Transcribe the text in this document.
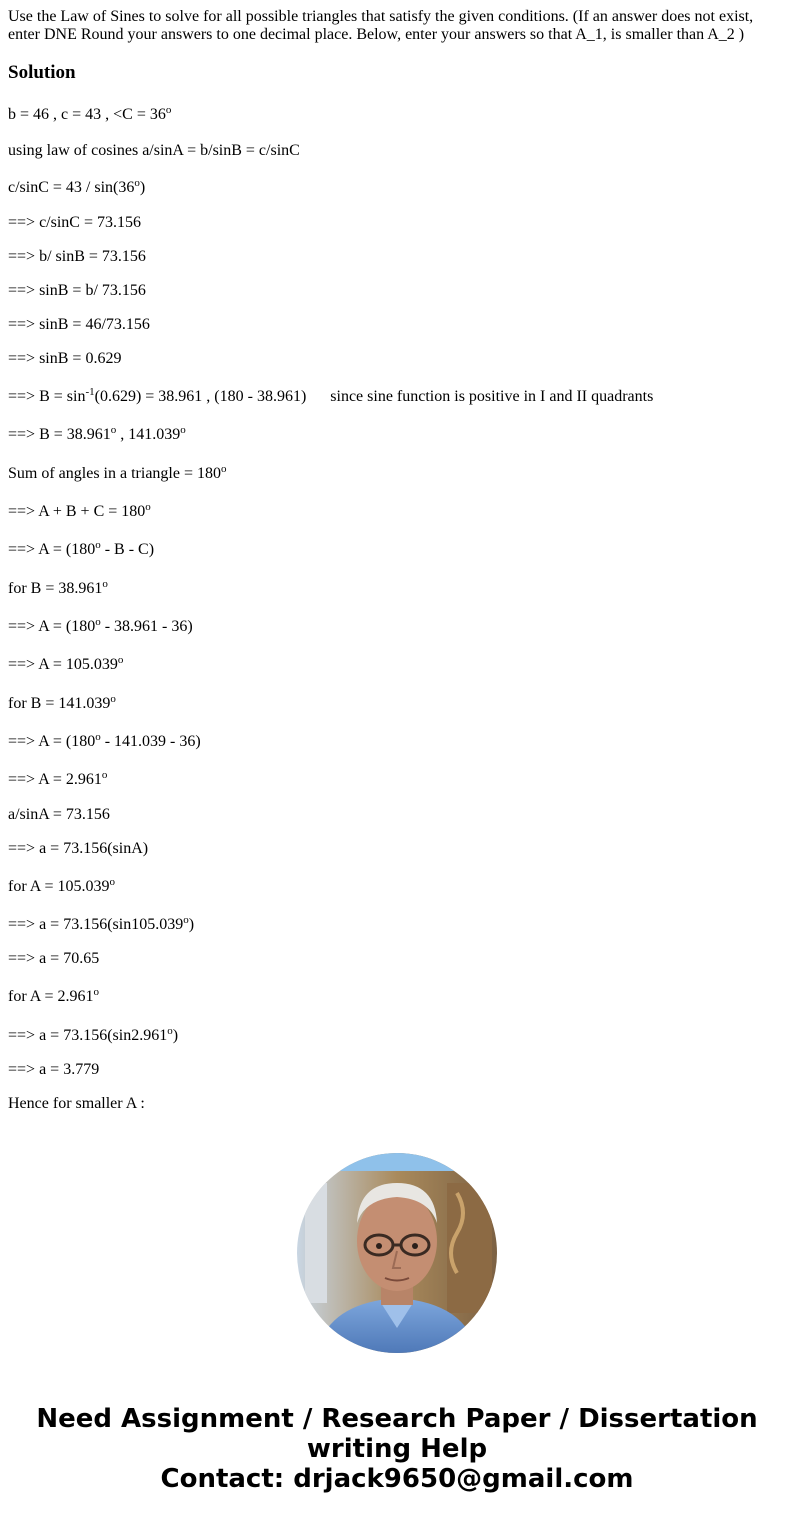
Use the Law of Sines to solve for all possible triangles that satisfy the given conditions. (If an answer does not exist, enter DNE Round your answers to one decimal place. Below, enter your answers so that A_1, is smaller than A_2 )

Solution

b = 46 , c = 43 , $<C = 36^o$

using law of cosines a/sinA = b/sinB = c/sinC

c/sinC = 43 / sin(36$^o$)

==> c/sinC = 73.156

==> b/ sinB = 73.156

==> sinB = b/ 73.156

==> sinB = 46/73.156

==> sinB = 0.629

==> $B = \sin^{-1}(0.629) = 38.961$ , (180 - 38.961) since sine function is positive in I and II quadrants

==> $B = 38.961^o$ , 141.039$^o$

Sum of angles in a triangle = $180^o$

==> $A + B + C = 180^o$

==> $A = (180^o - B - C)$

for $B = 38.961^o$

==> $A = (180^o - 38.961 - 36)$

==> $A = 105.039^o$

for $B = 141.039^o$

==> $A = (180^o - 141.039 - 36)$

==> $A = 2.961^o$

a/sinA = 73.156

==> a = 73.156(sinA)

for $A = 105.039^o$

==> $a = 73.156(\sin 105.039^o)$

==> a = 70.65

for $A = 2.961^o$

==> $a = 73.156(\sin 2.961^o)$

==> a = 3.779

Hence for smaller A :

Need Assignment / Research Paper / Dissertation
writing Help
Contact: drjack9650@gmail.com
